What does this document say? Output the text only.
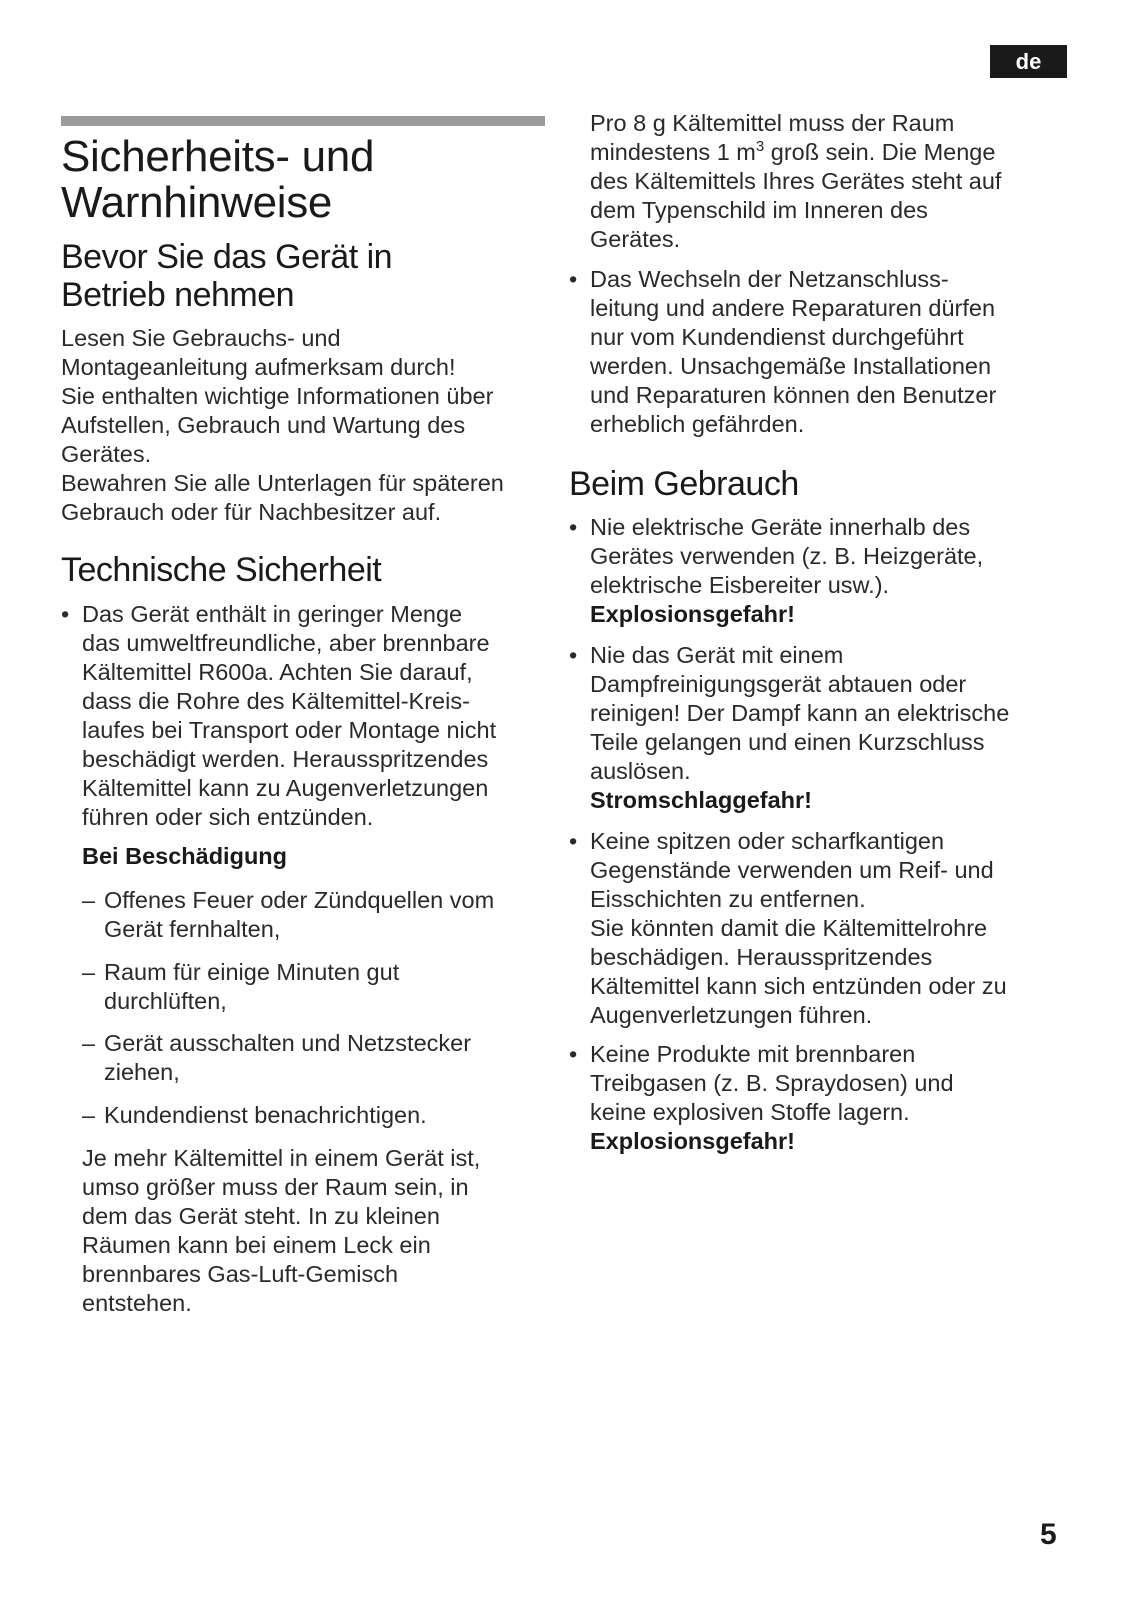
de
Sicherheits- und
Warnhinweise
Bevor Sie das Gerät in
Betrieb nehmen
Lesen Sie Gebrauchs- und
Montageanleitung aufmerksam durch!
Sie enthalten wichtige Informationen über
Aufstellen, Gebrauch und Wartung des
Gerätes.
Bewahren Sie alle Unterlagen für späteren
Gebrauch oder für Nachbesitzer auf.
Technische Sicherheit
• Das Gerät enthält in geringer Menge
das umweltfreundliche, aber brennbare
Kältemittel R600a. Achten Sie darauf,
dass die Rohre des Kältemittel-Kreis-
laufes bei Transport oder Montage nicht
beschädigt werden. Herausspritzendes
Kältemittel kann zu Augenverletzungen
führen oder sich entzünden.
Bei Beschädigung
– Offenes Feuer oder Zündquellen vom
Gerät fernhalten,
– Raum für einige Minuten gut
durchlüften,
– Gerät ausschalten und Netzstecker
ziehen,
– Kundendienst benachrichtigen.
Je mehr Kältemittel in einem Gerät ist,
umso größer muss der Raum sein, in
dem das Gerät steht. In zu kleinen
Räumen kann bei einem Leck ein
brennbares Gas-Luft-Gemisch
entstehen.
Pro 8 g Kältemittel muss der Raum
mindestens 1 $m^3$ groß sein. Die Menge
des Kältemittels Ihres Gerätes steht auf
dem Typenschild im Inneren des
Gerätes.
• Das Wechseln der Netzanschluss-
leitung und andere Reparaturen dürfen
nur vom Kundendienst durchgeführt
werden. Unsachgemäße Installationen
und Reparaturen können den Benutzer
erheblich gefährden.
Beim Gebrauch
• Nie elektrische Geräte innerhalb des
Gerätes verwenden (z. B. Heizgeräte,
elektrische Eisbereiter usw.).
Explosionsgefahr!
• Nie das Gerät mit einem
Dampfreinigungsgerät abtauen oder
reinigen! Der Dampf kann an elektrische
Teile gelangen und einen Kurzschluss
auslösen.
Stromschlaggefahr!
• Keine spitzen oder scharfkantigen
Gegenstände verwenden um Reif- und
Eisschichten zu entfernen.
Sie könnten damit die Kältemittelrohre
beschädigen. Herausspritzendes
Kältemittel kann sich entzünden oder zu
Augenverletzungen führen.
• Keine Produkte mit brennbaren
Treibgasen (z. B. Spraydosen) und
keine explosiven Stoffe lagern.
Explosionsgefahr!
5
